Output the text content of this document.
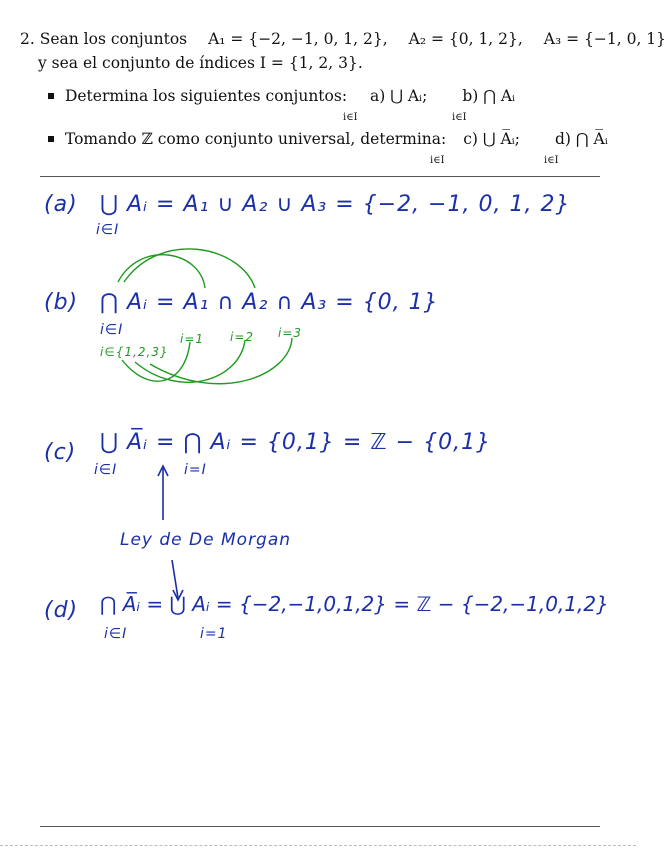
2. Sean los conjuntos A₁ = {−2, −1, 0, 1, 2}, A₂ = {0, 1, 2}, A₃ = {−1, 0, 1}
y sea el conjunto de índices I = {1, 2, 3}.
Determina los siguientes conjuntos: a) ⋃ Aᵢ; b) ⋂ Aᵢ
i∈I	i∈I
Tomando ℤ como conjunto universal, determina: c) ⋃ A̅ᵢ; d) ⋂ A̅ᵢ
i∈I	i∈I
(a) ⋃ Aᵢ = A₁ ∪ A₂ ∪ A₃ = {−2, −1, 0, 1, 2}
i∈I
(b) ⋂ Aᵢ = A₁ ∩ A₂ ∩ A₃ = {0, 1}
i∈I
i∈{1,2,3}
i=1 i=2 i=3
(c) ⋃ A̅ᵢ = ⋂ Aᵢ = {0,1} = ℤ − {0,1}
i∈I	i=I
Ley de De Morgan
(d) ⋂ A̅ᵢ = ⋃ Aᵢ = {−2,−1,0,1,2} = ℤ − {−2,−1,0,1,2}
i∈I	i=1
